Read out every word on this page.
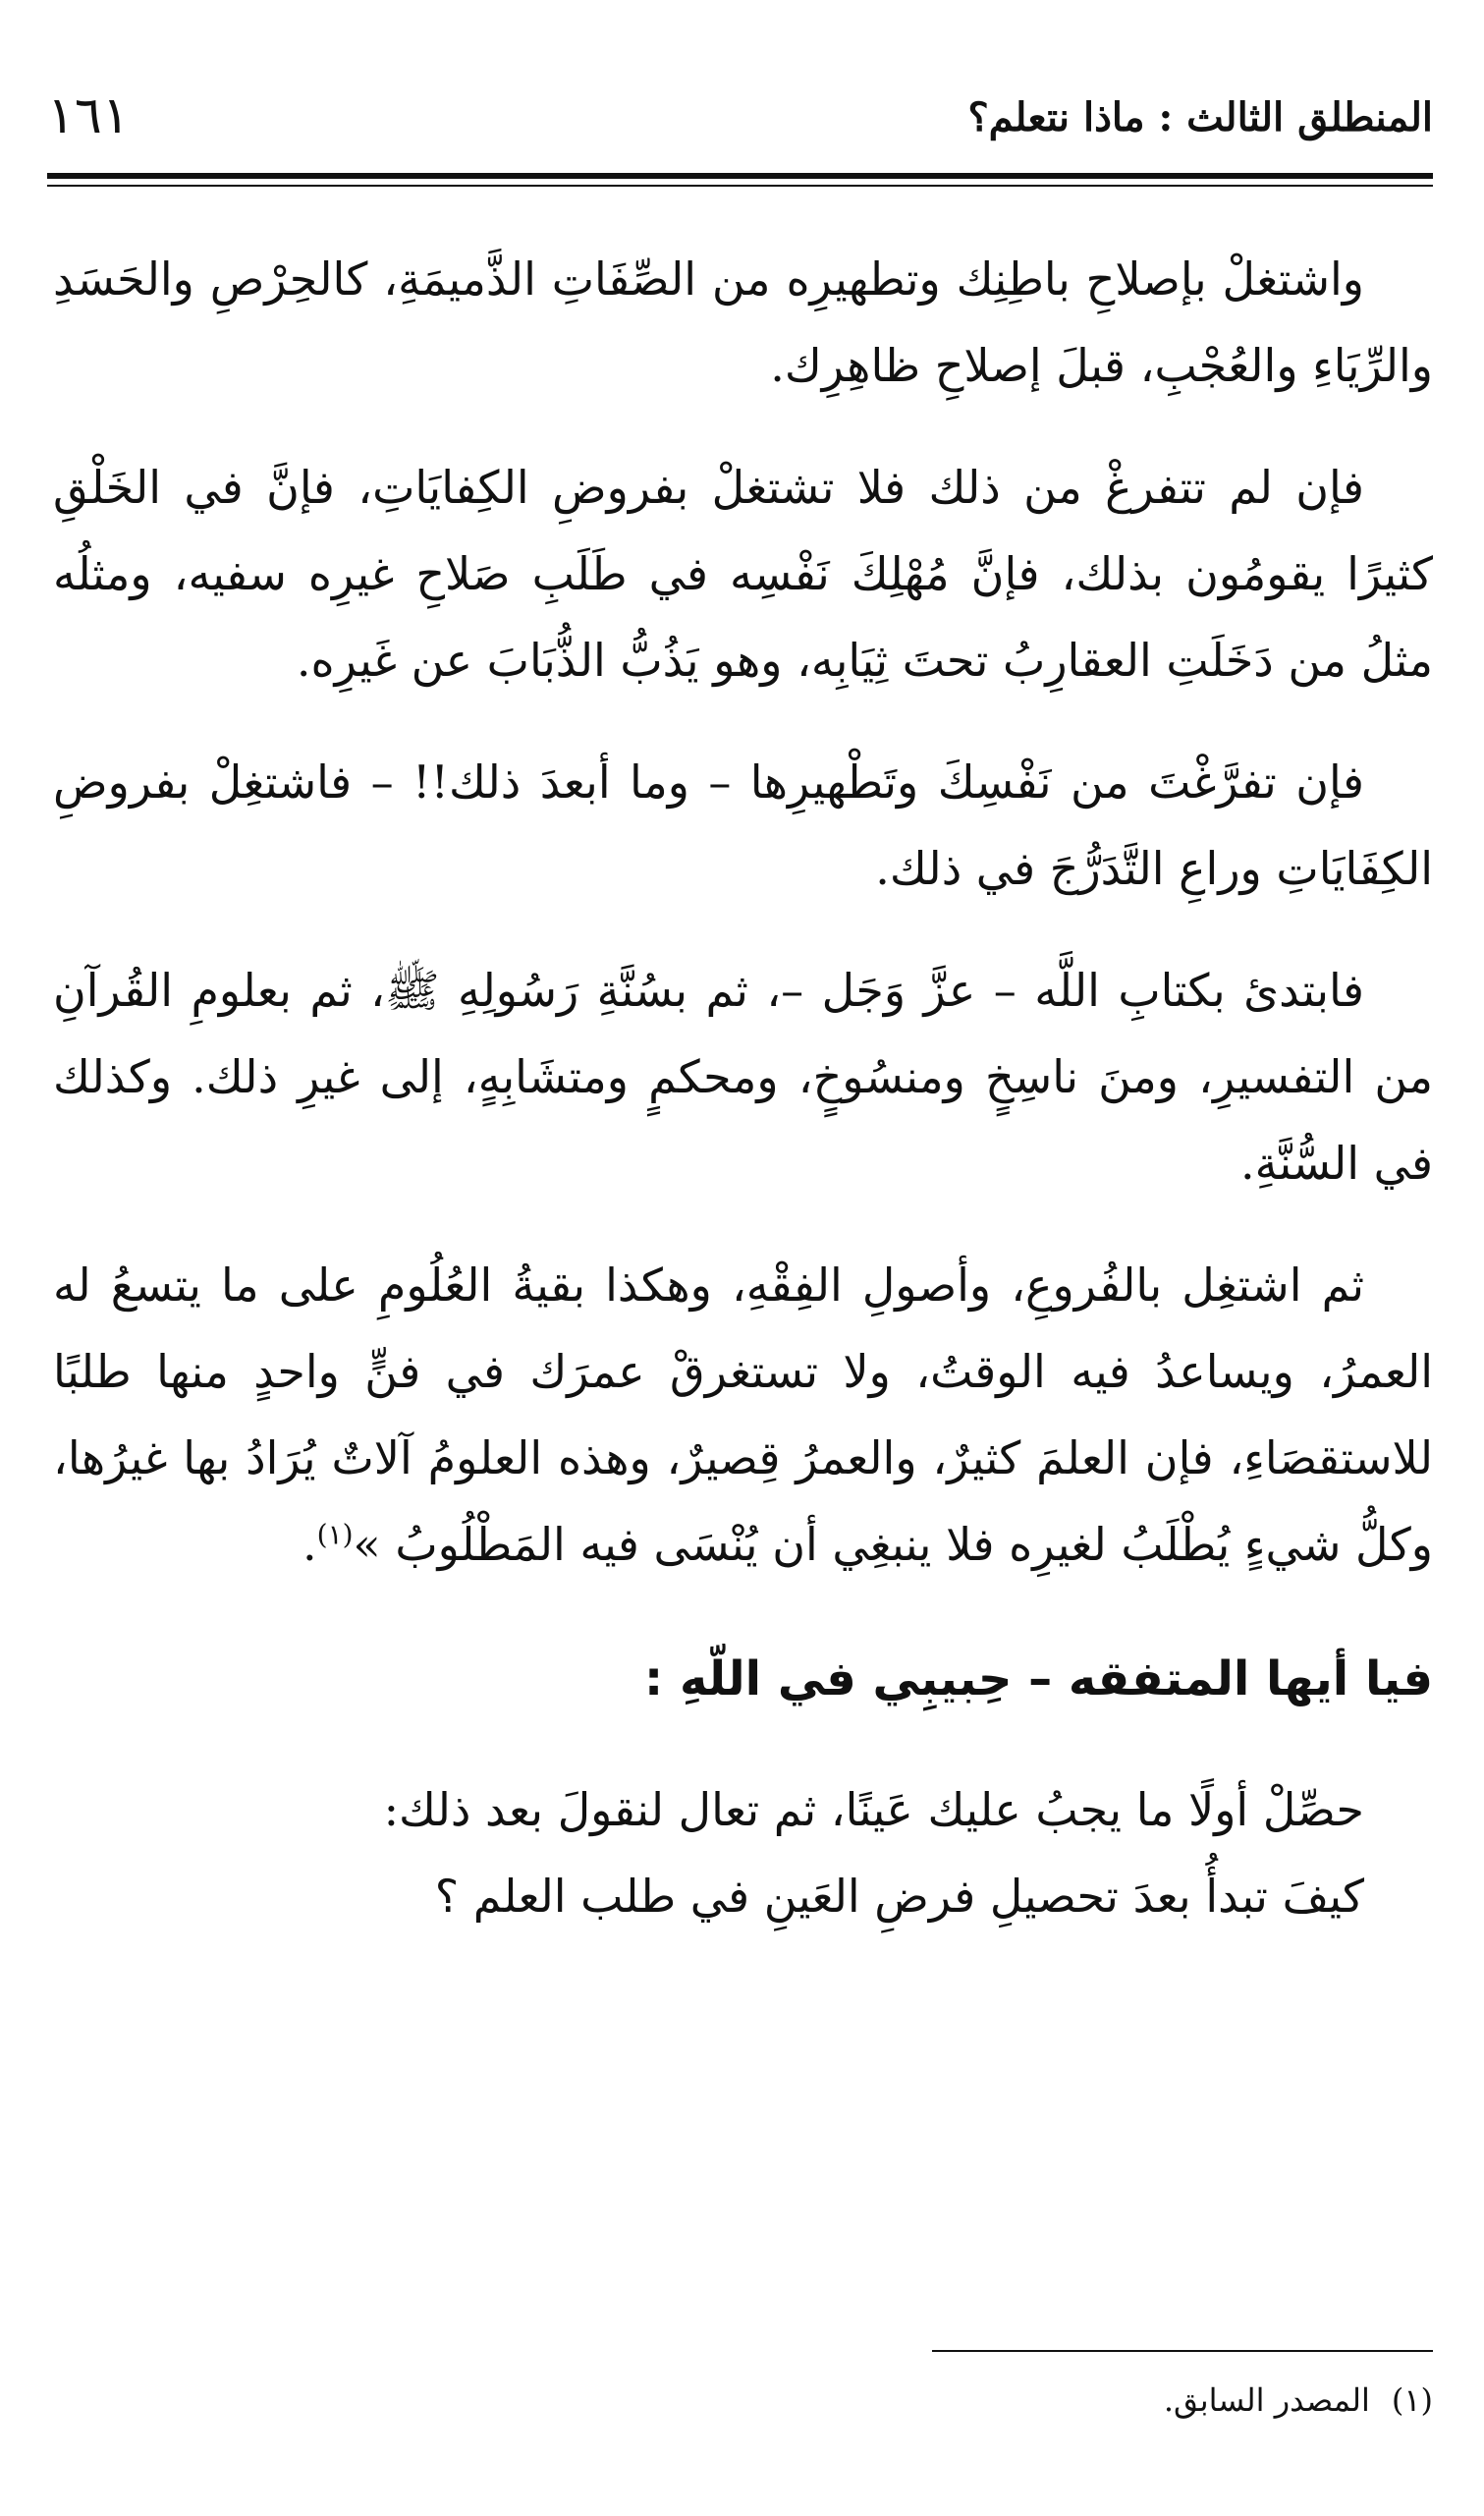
المنطلق الثالث : ماذا نتعلم؟
١٦١

واشتغلْ بإصلاحِ باطِنِك وتطهيرِه من الصِّفَاتِ الذَّميمَةِ، كالحِرْصِ والحَسَدِ والرِّيَاءِ والعُجْبِ، قبلَ إصلاحِ ظاهِرِك.

فإن لم تتفرغْ من ذلك فلا تشتغلْ بفروضِ الكِفايَاتِ، فإنَّ في الخَلْقِ كثيرًا يقومُون بذلك، فإنَّ مُهْلِكَ نَفْسِه في طَلَبِ صَلاحِ غيرِه سفيه، ومثلُه مثلُ من دَخَلَتِ العقارِبُ تحتَ ثِيَابِه، وهو يَذُبُّ الذُّبَابَ عن غَيرِه.

فإن تفرَّغْتَ من نَفْسِكَ وتَطْهيرِها – وما أبعدَ ذلك!! – فاشتغِلْ بفروضِ الكِفَايَاتِ وراعِ التَّدَرُّجَ في ذلك.

فابتدئ بكتابِ اللَّه – عزَّ وَجَل –، ثم بسُنَّةِ رَسُولِهِ ﷺ، ثم بعلومِ القُرآنِ من التفسيرِ، ومنَ ناسِخٍ ومنسُوخٍ، ومحكمٍ ومتشَابِهٍ، إلى غيرِ ذلك. وكذلك في السُّنَّةِ.

ثم اشتغِل بالفُروعِ، وأصولِ الفِقْهِ، وهكذا بقيةُ العُلُومِ على ما يتسعُ له العمرُ، ويساعدُ فيه الوقتُ، ولا تستغرقْ عمرَك في فنٍّ واحدٍ منها طلبًا للاستقصَاءِ، فإن العلمَ كثيرٌ، والعمرُ قِصيرٌ، وهذه العلومُ آلاتٌ يُرَادُ بها غيرُها، وكلُّ شيءٍ يُطْلَبُ لغيرِه فلا ينبغِي أن يُنْسَى فيه المَطْلُوبُ »$^{(١)}$.

فيا أيها المتفقه – حِبيبِي في اللّهِ :
حصِّلْ أولًا ما يجبُ عليك عَينًا، ثم تعال لنقولَ بعد ذلك:
كيفَ تبدأُ بعدَ تحصيلِ فرضِ العَينِ في طلب العلم ؟
(١)المصدر السابق.
